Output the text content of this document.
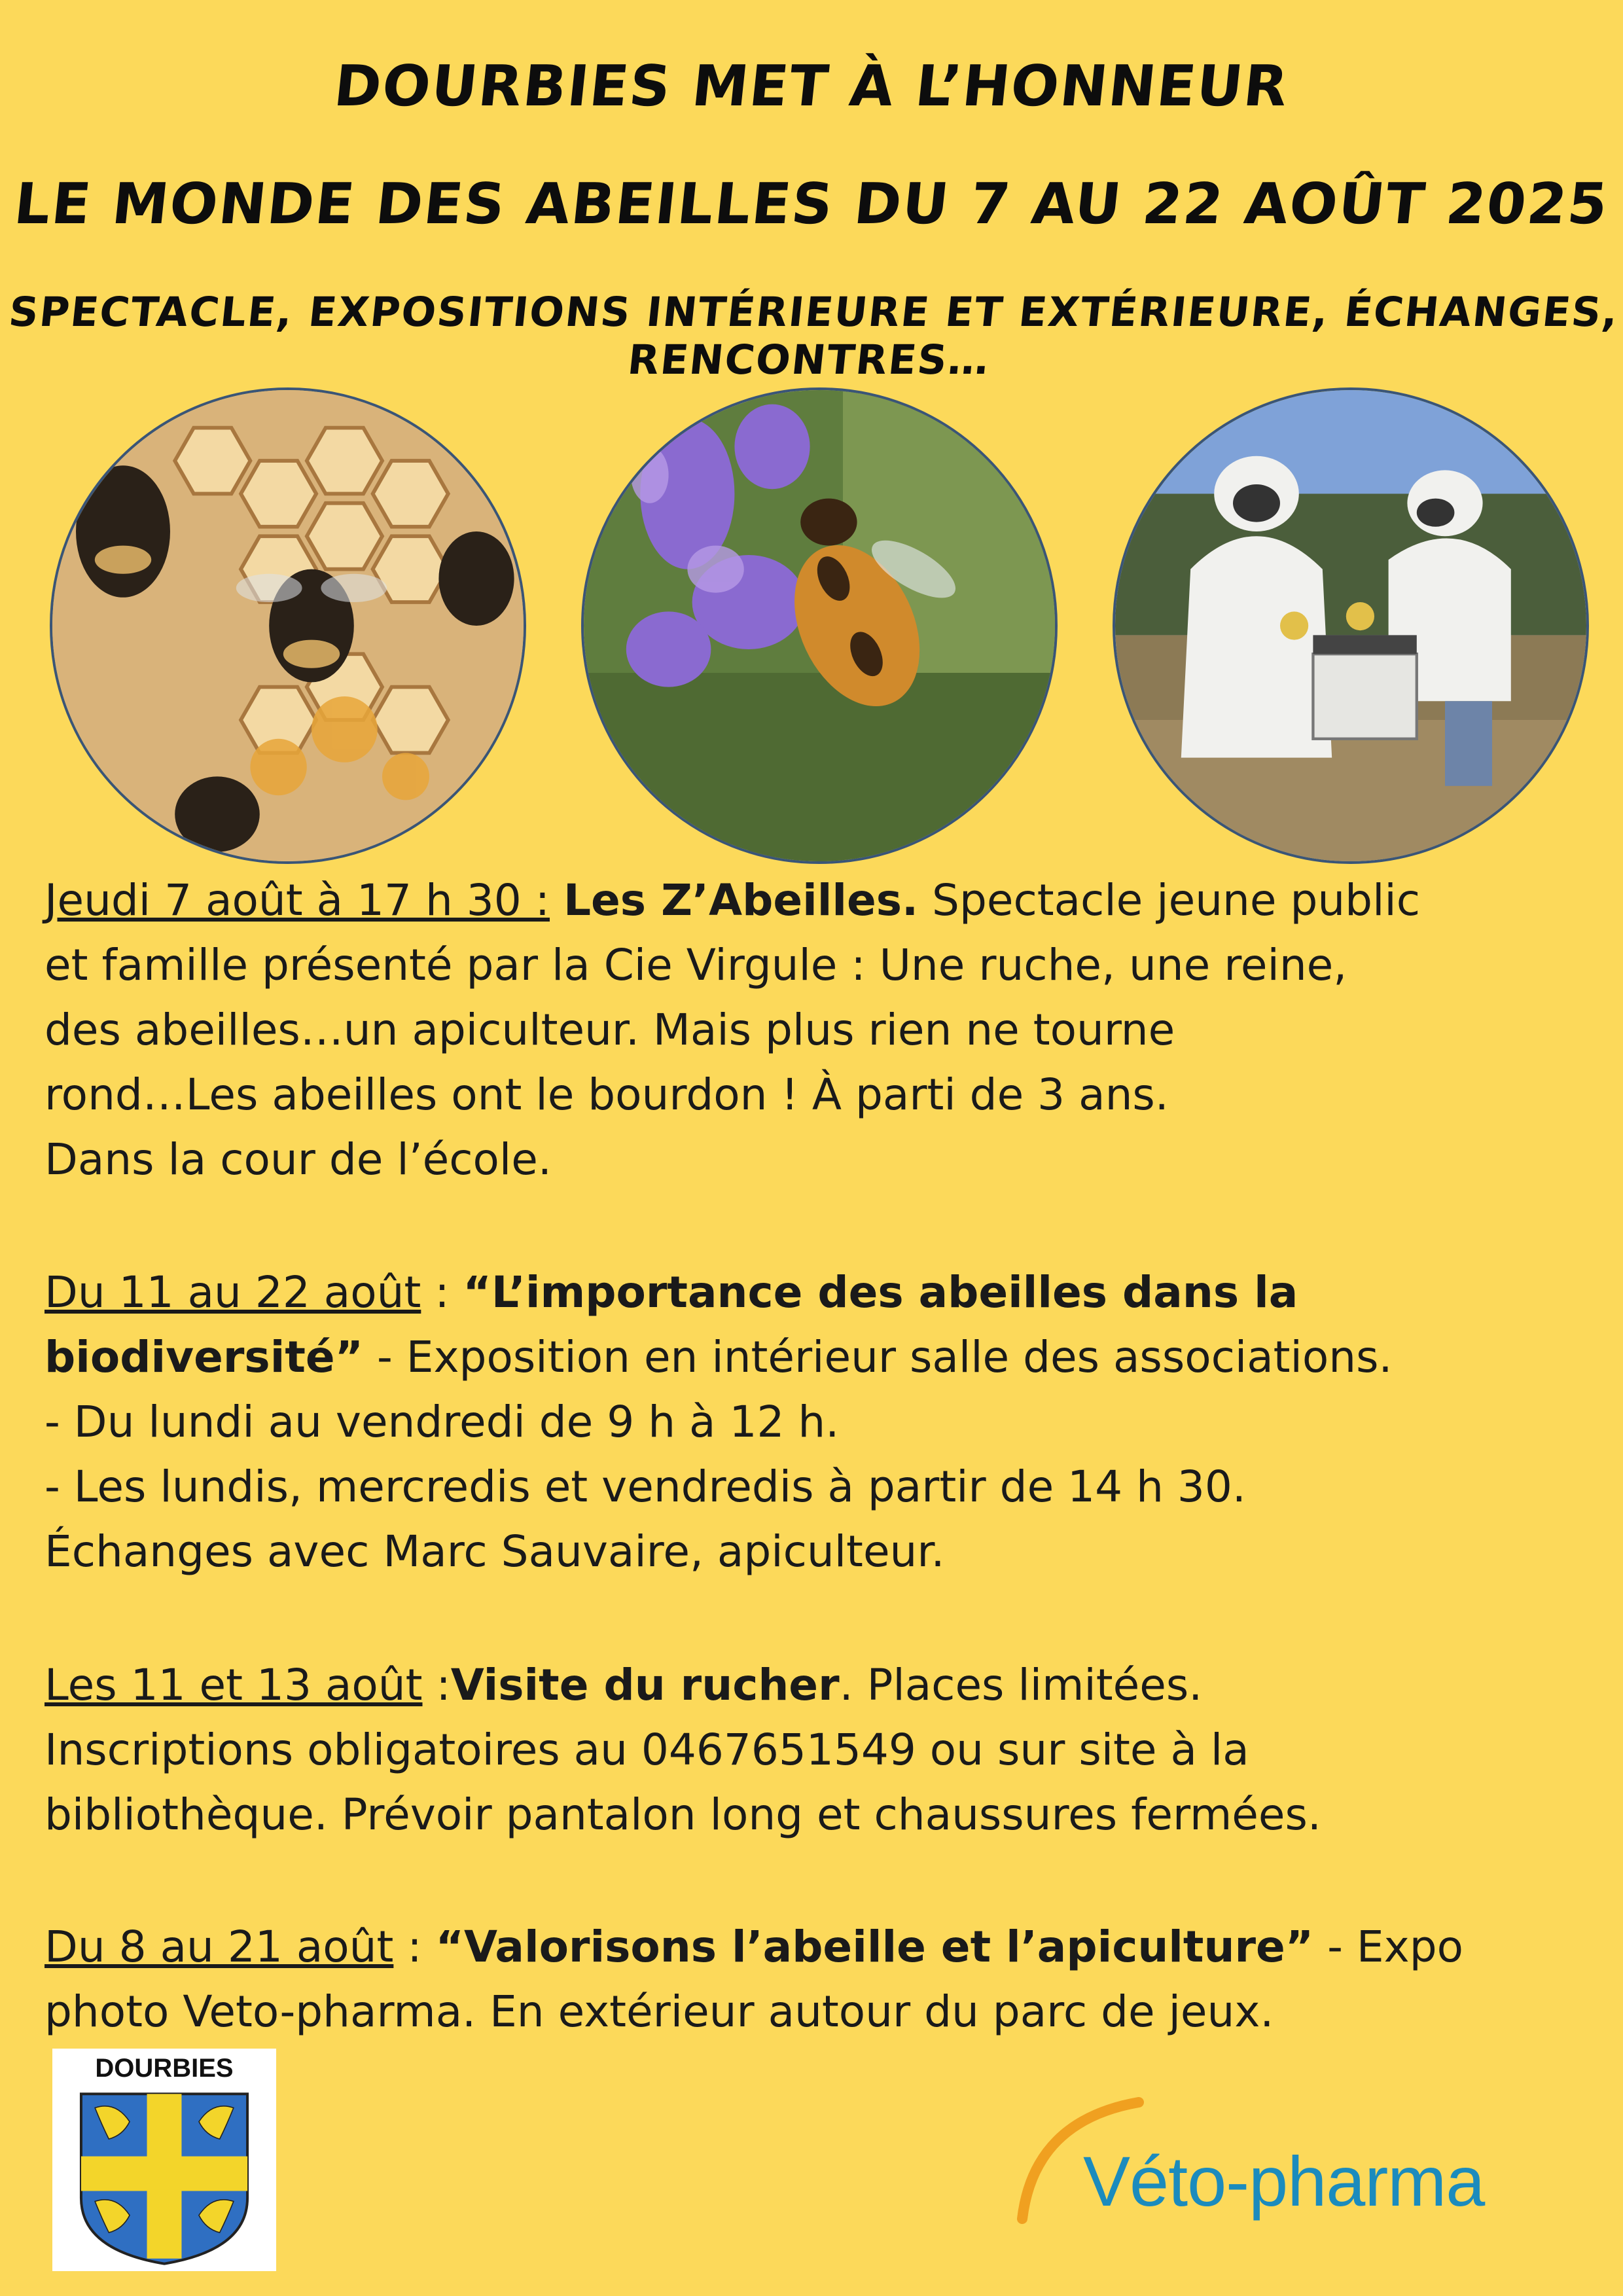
DOURBIES MET À L’HONNEUR
LE MONDE DES ABEILLES DU 7 AU 22 AOÛT 2025
SPECTACLE, EXPOSITIONS INTÉRIEURE ET EXTÉRIEURE, ÉCHANGES, RENCONTRES…
Jeudi 7 août à 17 h 30 : Les Z’Abeilles. Spectacle jeune public
et famille présenté par la Cie Virgule : Une ruche, une reine,
des abeilles…un apiculteur. Mais plus rien ne tourne
rond…Les abeilles ont le bourdon ! À parti de 3 ans.
Dans la cour de l’école.
Du 11 au 22 août : “L’importance des abeilles dans la
biodiversité” - Exposition en intérieur salle des associations.
- Du lundi au vendredi de 9 h à 12 h.
- Les lundis, mercredis et vendredis à partir de 14 h 30.
Échanges avec Marc Sauvaire, apiculteur.
Les 11 et 13 août :Visite du rucher. Places limitées.
Inscriptions obligatoires au 0467651549 ou sur site à la
bibliothèque. Prévoir pantalon long et chaussures fermées.
Du 8 au 21 août : “Valorisons l’abeille et l’apiculture” - Expo
photo Veto-pharma. En extérieur autour du parc de jeux.
DOURBIES
Véto-pharma
